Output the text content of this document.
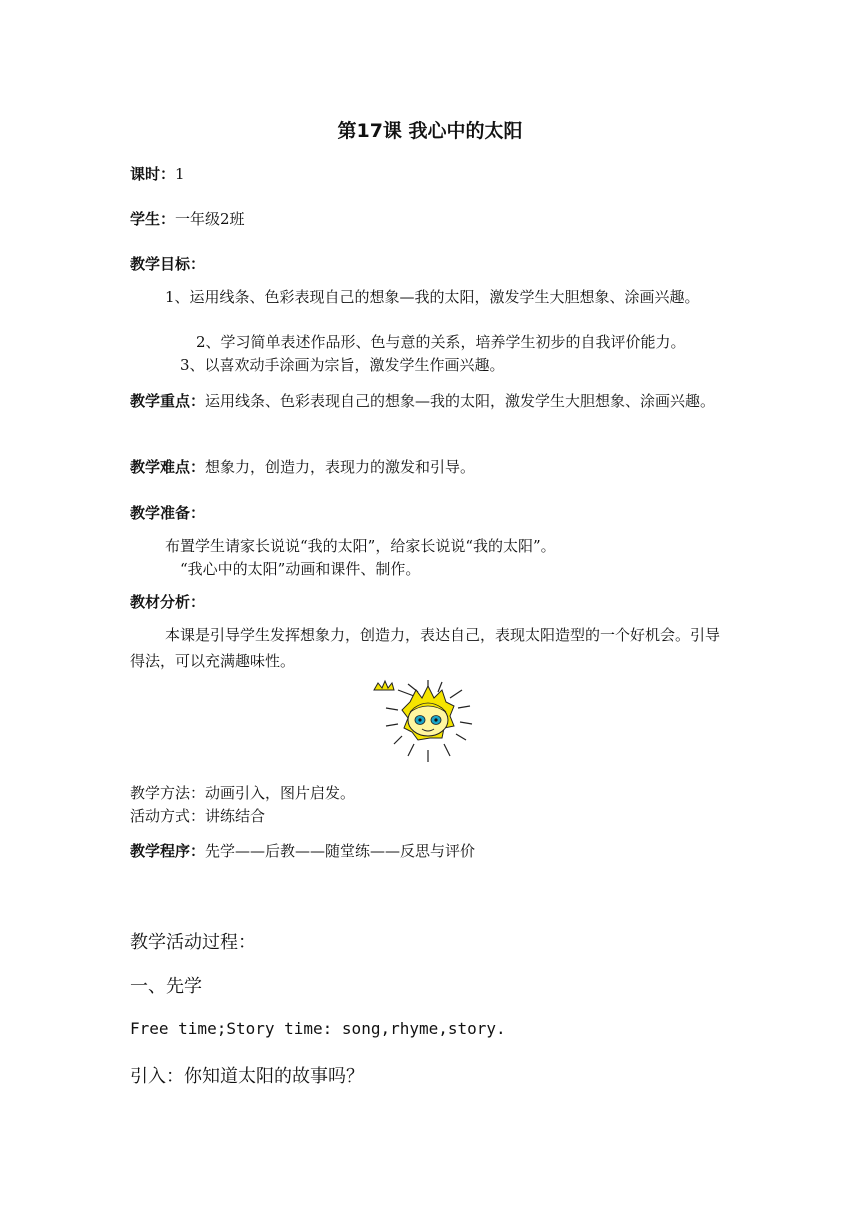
第17课 我心中的太阳
课时：1
学生：一年级2班
教学目标：
1、运用线条、色彩表现自己的想象—我的太阳，激发学生大胆想象、涂画兴趣。
2、学习简单表述作品形、色与意的关系，培养学生初步的自我评价能力。
3、以喜欢动手涂画为宗旨，激发学生作画兴趣。
教学重点：运用线条、色彩表现自己的想象—我的太阳，激发学生大胆想象、涂画兴趣。
教学难点：想象力，创造力，表现力的激发和引导。
教学准备：
布置学生请家长说说“我的太阳”，给家长说说“我的太阳”。
“我心中的太阳”动画和课件、制作。
教材分析：
本课是引导学生发挥想象力，创造力，表达自己，表现太阳造型的一个好机会。引导得法，可以充满趣味性。
教学方法：动画引入，图片启发。
活动方式：讲练结合
教学程序：先学——后教——随堂练——反思与评价
教学活动过程：
一、先学
Free time;Story time: song,rhyme,story.
引入：你知道太阳的故事吗？
